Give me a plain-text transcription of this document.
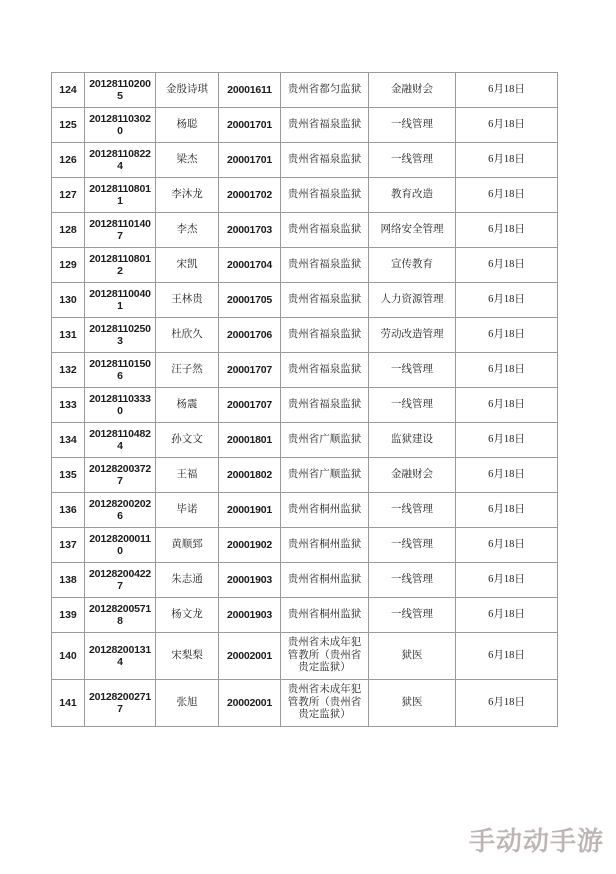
124	201281102005	金殷诗琪	20001611	贵州省都匀监狱	金融财会	6月18日
125	201281103020	杨聪	20001701	贵州省福泉监狱	一线管理	6月18日
126	201281108224	梁杰	20001701	贵州省福泉监狱	一线管理	6月18日
127	201281108011	李沐龙	20001702	贵州省福泉监狱	教育改造	6月18日
128	201281101407	李杰	20001703	贵州省福泉监狱	网络安全管理	6月18日
129	201281108012	宋凯	20001704	贵州省福泉监狱	宣传教育	6月18日
130	201281100401	王林贵	20001705	贵州省福泉监狱	人力资源管理	6月18日
131	201281102503	杜欣久	20001706	贵州省福泉监狱	劳动改造管理	6月18日
132	201281101506	汪子然	20001707	贵州省福泉监狱	一线管理	6月18日
133	201281103330	杨震	20001707	贵州省福泉监狱	一线管理	6月18日
134	201281104824	孙文文	20001801	贵州省广顺监狱	监狱建设	6月18日
135	201282003727	王福	20001802	贵州省广顺监狱	金融财会	6月18日
136	201282002026	毕诺	20001901	贵州省桐州监狱	一线管理	6月18日
137	201282000110	黄顺郅	20001902	贵州省桐州监狱	一线管理	6月18日
138	201282004227	朱志通	20001903	贵州省桐州监狱	一线管理	6月18日
139	201282005718	杨文龙	20001903	贵州省桐州监狱	一线管理	6月18日
140	201282001314	宋梨梨	20002001	贵州省未成年犯管教所（贵州省贵定监狱）	狱医	6月18日
141	201282002717	张旭	20002001	贵州省未成年犯管教所（贵州省贵定监狱）	狱医	6月18日
手动动手游
